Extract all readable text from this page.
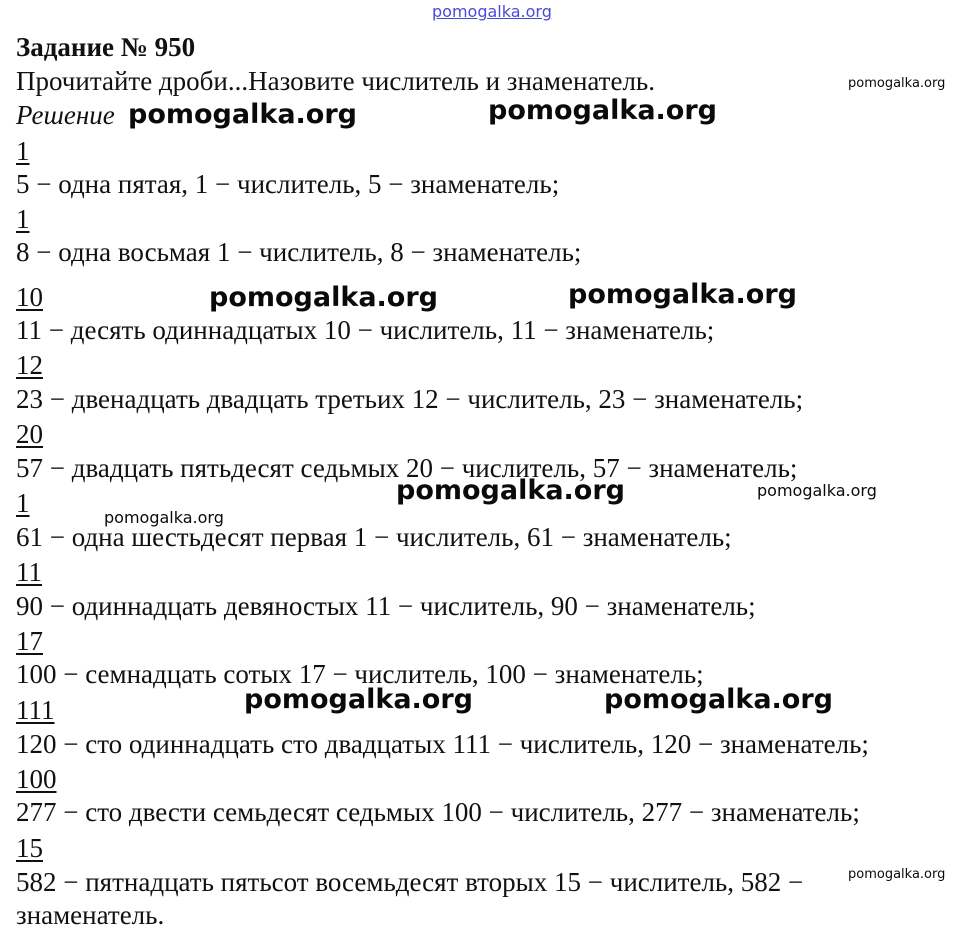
pomogalka.org
Задание № 950
Прочитайте дроби...Назовите числитель и знаменатель.
Решение
1
5 − одна пятая, 1 − числитель, 5 − знаменатель;
1
8 − одна восьмая 1 − числитель, 8 − знаменатель;
10
11 − десять одиннадцатых 10 − числитель, 11 − знаменатель;
12
23 − двенадцать двадцать третьих 12 − числитель, 23 − знаменатель;
20
57 − двадцать пятьдесят седьмых 20 − числитель, 57 − знаменатель;
1
61 − одна шестьдесят первая 1 − числитель, 61 − знаменатель;
11
90 − одиннадцать девяностых 11 − числитель, 90 − знаменатель;
17
100 − семнадцать сотых 17 − числитель, 100 − знаменатель;
111
120 − сто одиннадцать сто двадцатых 111 − числитель, 120 − знаменатель;
100
277 − сто двести семьдесят седьмых 100 − числитель, 277 − знаменатель;
15
582 − пятнадцать пятьсот восемьдесят вторых 15 − числитель, 582 −
знаменатель.
pomogalka.org
pomogalka.org	pomogalka.org
pomogalka.org	pomogalka.org
pomogalka.org	pomogalka.org
pomogalka.org
pomogalka.org	pomogalka.org
pomogalka.org
